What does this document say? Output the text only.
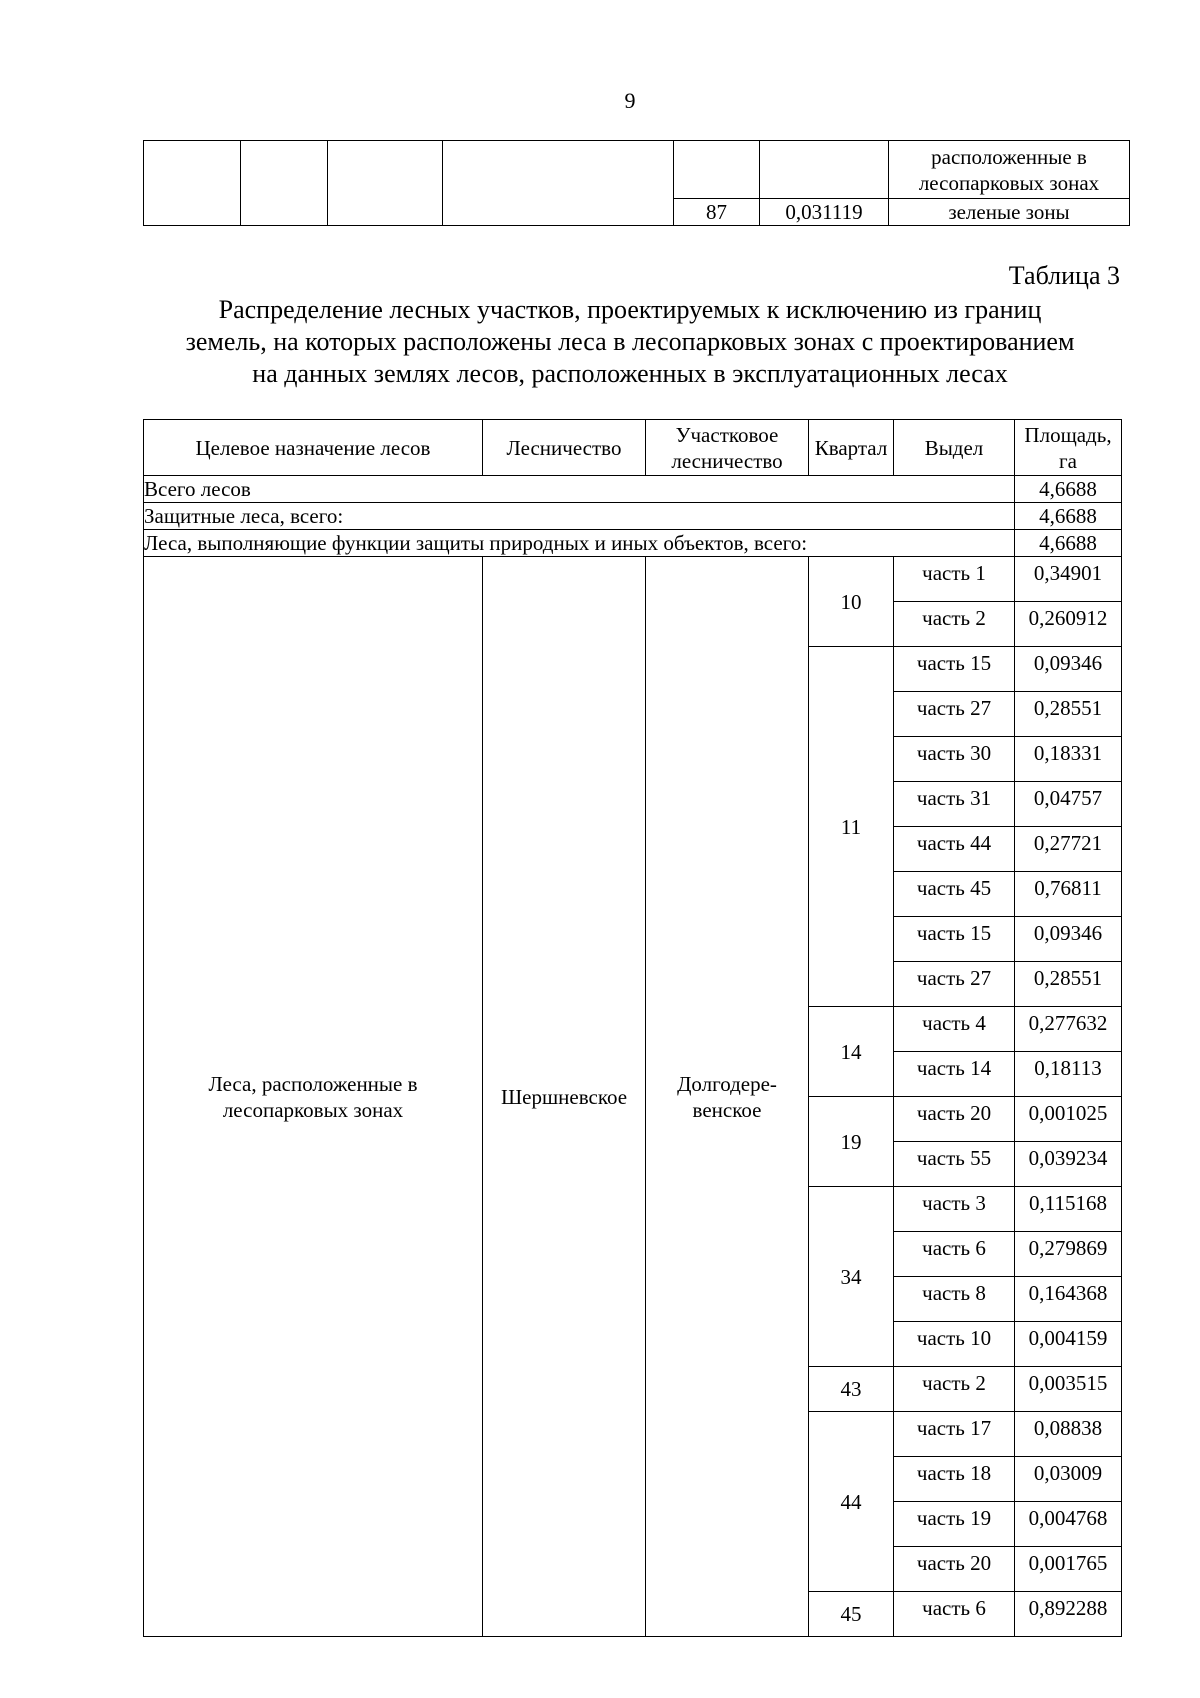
9

						расположенные в
лесопарковых зонах

				87	0,031119	зеленые зоны
Таблица 3
Распределение лесных участков, проектируемых к исключению из границ
земель, на которых расположены леса в лесопарковых зонах с проектированием
на данных землях лесов, расположенных в эксплуатационных лесах
Целевое назначение лесов	Лесничество	Участковое
лесничество	Квартал	Выдел	Площадь,
га

Всего лесов					4,6688
Защитные леса, всего:					4,6688
Леса, выполняющие функции защиты природных и иных объектов, всего:					4,6688

Леса, расположенные в
лесопарковых зонах	Шершневское	Долгодере-
венское	10	часть 1	0,34901
				часть 2	0,260912
			11	часть 15	0,09346
				часть 27	0,28551
				часть 30	0,18331
				часть 31	0,04757
				часть 44	0,27721
				часть 45	0,76811
				часть 15	0,09346
				часть 27	0,28551
			14	часть 4	0,277632
				часть 14	0,18113
			19	часть 20	0,001025
				часть 55	0,039234
			34	часть 3	0,115168
				часть 6	0,279869
				часть 8	0,164368
				часть 10	0,004159
			43	часть 2	0,003515
			44	часть 17	0,08838
				часть 18	0,03009
				часть 19	0,004768
				часть 20	0,001765
			45	часть 6	0,892288
